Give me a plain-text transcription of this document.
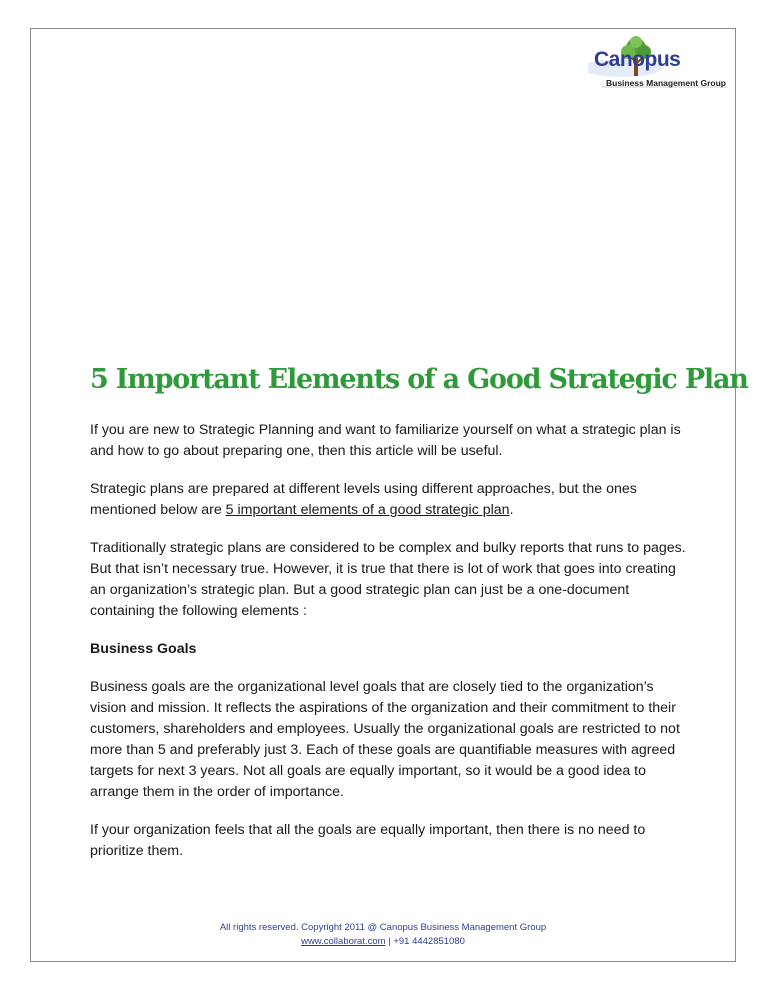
Canopus
Business Management Group
5 Important Elements of a Good Strategic Plan

If you are new to Strategic Planning and want to familiarize yourself on what a strategic plan is and how to go about preparing one, then this article will be useful.

Strategic plans are prepared at different levels using different approaches, but the ones mentioned below are 5 important elements of a good strategic plan.

Traditionally strategic plans are considered to be complex and bulky reports that runs to pages. But that isn’t necessary true. However, it is true that there is lot of work that goes into creating an organization’s strategic plan. But a good strategic plan can just be a one-document containing the following elements :

Business Goals

Business goals are the organizational level goals that are closely tied to the organization’s vision and mission. It reflects the aspirations of the organization and their commitment to their customers, shareholders and employees. Usually the organizational goals are restricted to not more than 5 and preferably just 3. Each of these goals are quantifiable measures with agreed targets for next 3 years. Not all goals are equally important, so it would be a good idea to arrange them in the order of importance.

If your organization feels that all the goals are equally important, then there is no need to prioritize them.

All rights reserved. Copyright 2011 @ Canopus Business Management Group
www.collaborat.com | +91 4442851080
